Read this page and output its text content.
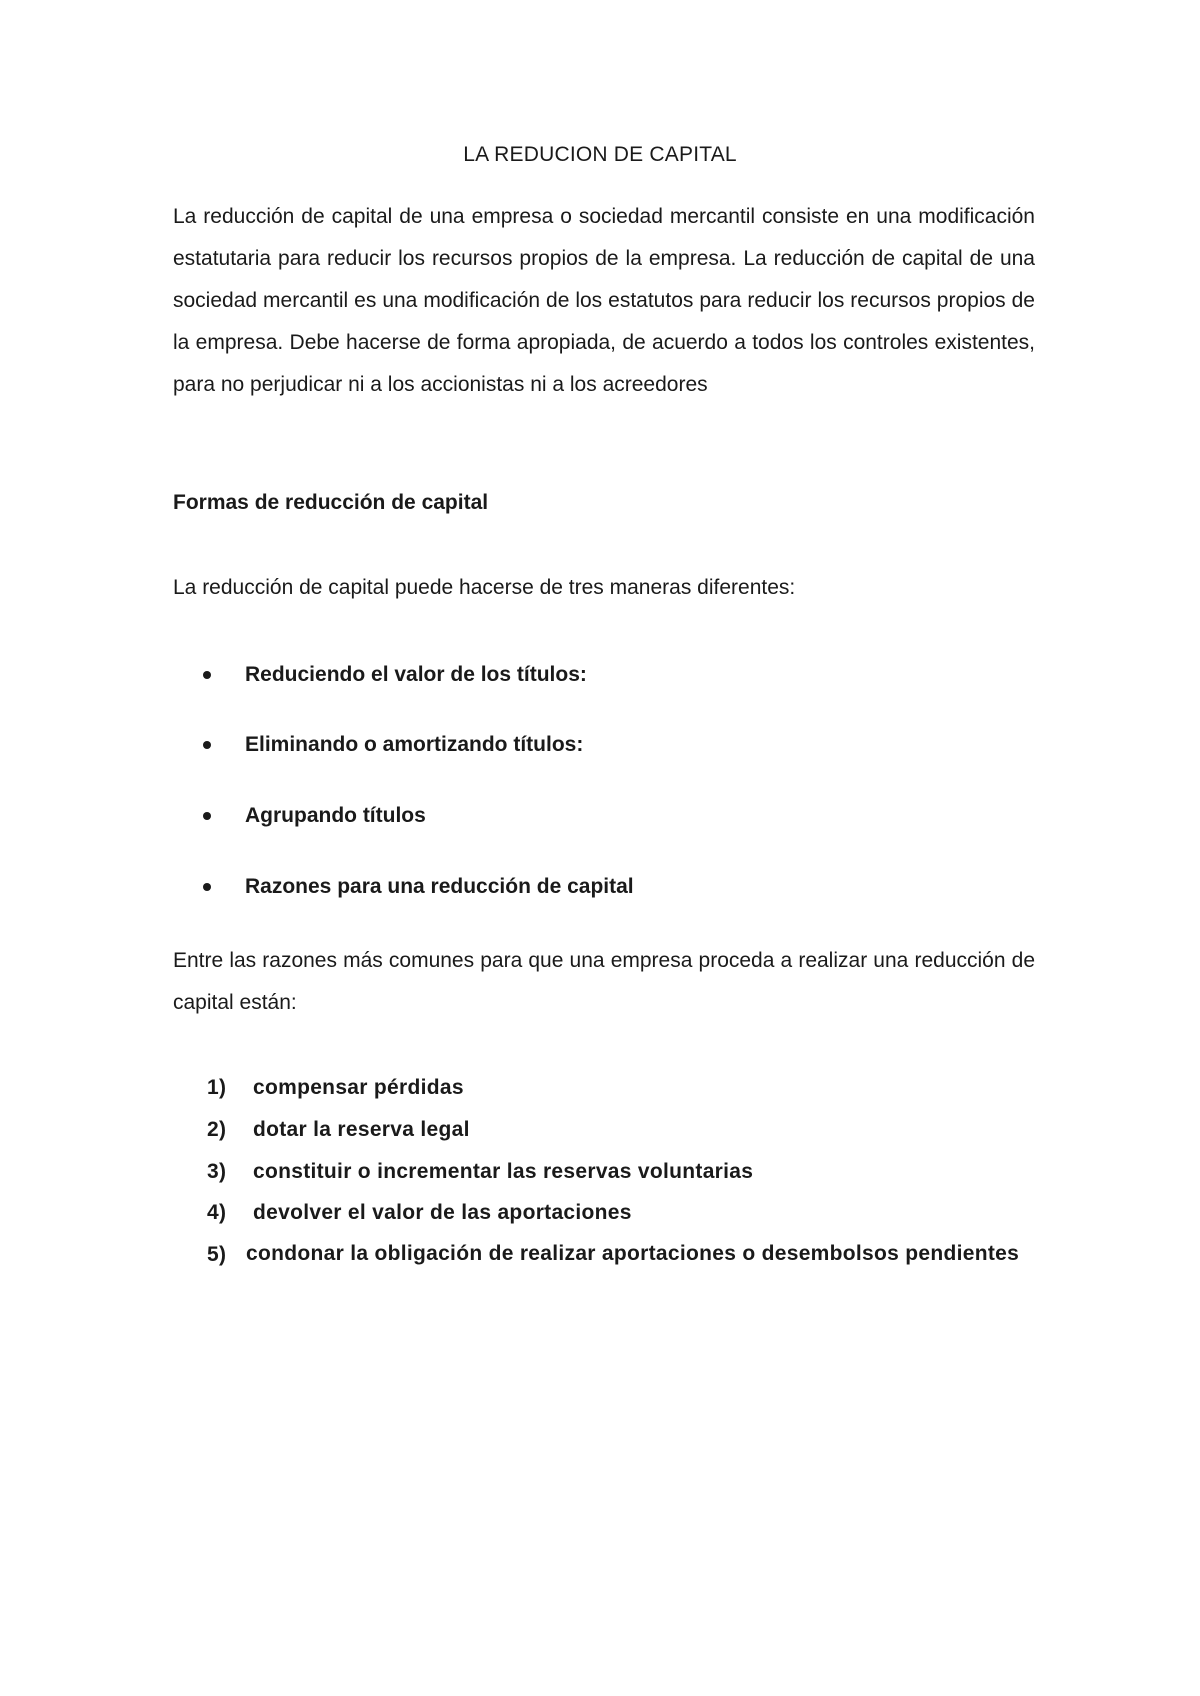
LA REDUCION DE CAPITAL
La reducción de capital de una empresa o sociedad mercantil consiste en una modificación estatutaria para reducir los recursos propios de la empresa. La reducción de capital de una sociedad mercantil es una modificación de los estatutos para reducir los recursos propios de la empresa. Debe hacerse de forma apropiada, de acuerdo a todos los controles existentes, para no perjudicar ni a los accionistas ni a los acreedores
Formas de reducción de capital
La reducción de capital puede hacerse de tres maneras diferentes:
Reduciendo el valor de los títulos:
Eliminando o amortizando títulos:
Agrupando títulos
Razones para una reducción de capital
Entre las razones más comunes para que una empresa proceda a realizar una reducción de capital están:
1) compensar pérdidas
2) dotar la reserva legal
3) constituir o incrementar las reservas voluntarias
4) devolver el valor de las aportaciones
5) condonar la obligación de realizar aportaciones o desembolsos pendientes
